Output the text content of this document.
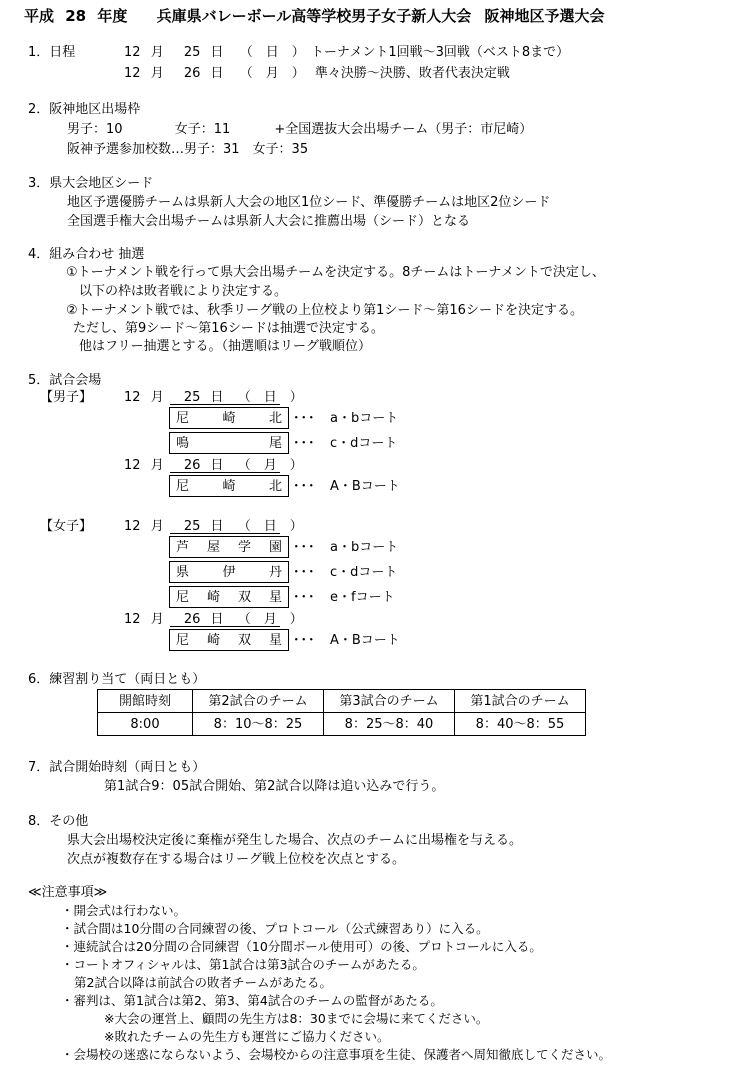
平成 28 年度 兵庫県バレーボール高等学校男子女子新人大会 阪神地区予選大会
1．日程	12 月 25 日 （　日　） トーナメント1回戦～3回戦（ベスト8まで）
12 月 26 日 （　月　） 準々決勝～決勝、敗者代表決定戦
2．阪神地区出場枠
男子：10	女子：11	+全国選抜大会出場チーム（男子：市尼崎）
阪神予選参加校数…男子：31　女子：35
3．県大会地区シード
地区予選優勝チームは県新人大会の地区1位シード、準優勝チームは地区2位シード
全国選手権大会出場チームは県新人大会に推薦出場（シード）となる
4．組み合わせ 抽選
①トーナメント戦を行って県大会出場チームを決定する。8チームはトーナメントで決定し、
以下の枠は敗者戦により決定する。
②トーナメント戦では、秋季リーグ戦の上位校より第1シード～第16シードを決定する。
ただし、第9シード～第16シードは抽選で決定する。
他はフリー抽選とする。（抽選順はリーグ戦順位）
5．試合会場
【男子】 12 月 25 日 （　日　）
尼	崎	北 ･･･ a・bコート
鳴	尾 ･･･ c・dコート
12 月 26 日 （　月　）
尼	崎	北 ･･･ A・Bコート
【女子】 12 月 25 日 （　日　）
芦 屋 学 園 ･･･ a・bコート
県	伊	丹 ･･･ c・dコート
尼 崎 双 星 ･･･ e・fコート
12 月 26 日 （　月　）
尼 崎 双 星 ･･･ A・Bコート
6．練習割り当て（両日とも）
開館時刻	第2試合のチーム	第3試合のチーム	第1試合のチーム
8:00	8：10～8：25	8：25～8：40	8：40～8：55
7．試合開始時刻（両日とも）
第1試合9：05試合開始、第2試合以降は追い込みで行う。
8．その他
県大会出場校決定後に棄権が発生した場合、次点のチームに出場権を与える。
次点が複数存在する場合はリーグ戦上位校を次点とする。
≪注意事項≫
・開会式は行わない。
・試合間は10分間の合同練習の後、プロトコール（公式練習あり）に入る。
・連続試合は20分間の合同練習（10分間ボール使用可）の後、プロトコールに入る。
・コートオフィシャルは、第1試合は第3試合のチームがあたる。
第2試合以降は前試合の敗者チームがあたる。
・審判は、第1試合は第2、第3、第4試合のチームの監督があたる。
※大会の運営上、顧問の先生方は8：30までに会場に来てください。
※敗れたチームの先生方も運営にご協力ください。
・会場校の迷惑にならないよう、会場校からの注意事項を生徒、保護者へ周知徹底してください。
